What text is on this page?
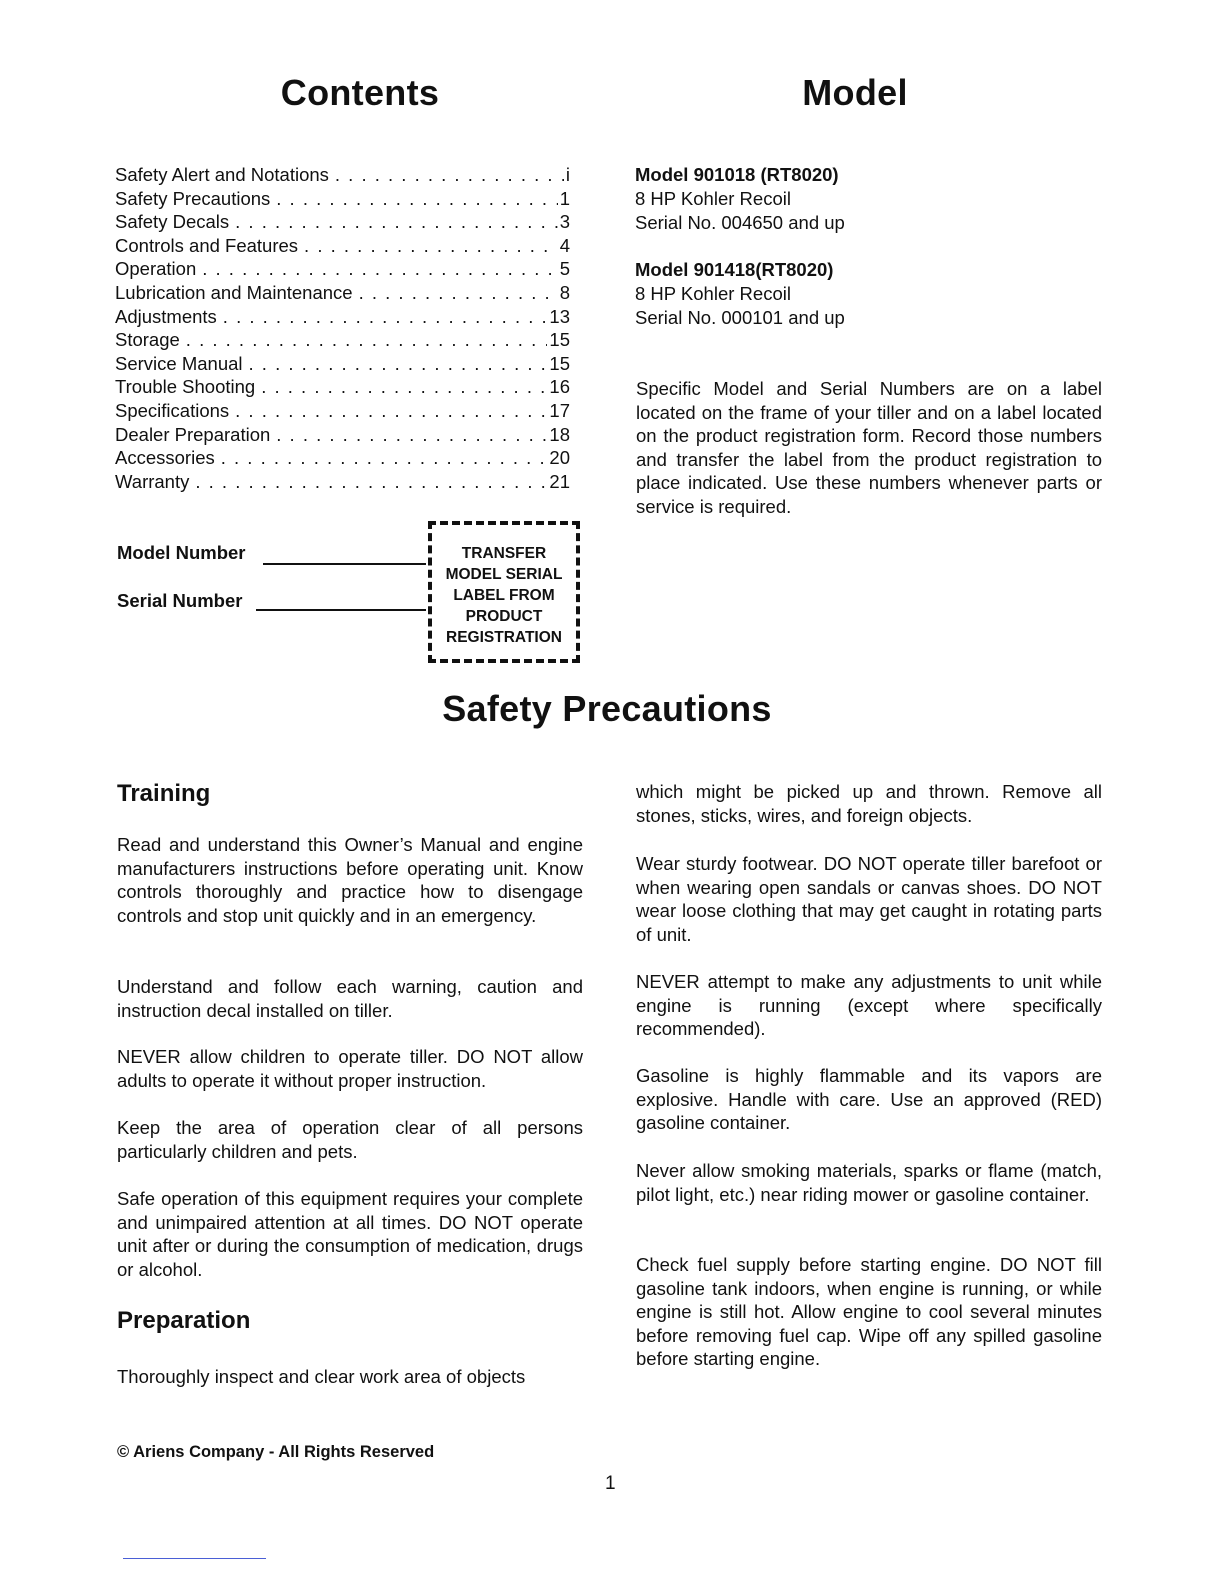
Contents	Model
Safety Alert and Notations . . .	i
Safety Precautions . . .	1
Safety Decals . . .	3
Controls and Features . . .	4
Operation . . .	5
Lubrication and Maintenance . . .	8
Adjustments . . .	13
Storage . . .	15
Service Manual . . .	15
Trouble Shooting . . .	16
Specifications . . .	17
Dealer Preparation . . .	18
Accessories . . .	20
Warranty . . .	21
Model 901018 (RT8020)
8 HP Kohler Recoil
Serial No. 004650 and up
Model 901418(RT8020)
8 HP Kohler Recoil
Serial No. 000101 and up
Specific Model and Serial Numbers are on a label located on the frame of your tiller and on a label located on the product registration form. Record those numbers and transfer the label from the product registration to place indicated. Use these numbers whenever parts or service is required.
Model Number
Serial Number
TRANSFER
MODEL SERIAL
LABEL FROM
PRODUCT
REGISTRATION
Safety Precautions
Training
Read and understand this Owner’s Manual and engine manufacturers instructions before operating unit. Know controls thoroughly and practice how to disengage controls and stop unit quickly and in an emergency.
Understand and follow each warning, caution and instruction decal installed on tiller.
NEVER allow children to operate tiller. DO NOT allow adults to operate it without proper instruction.
Keep the area of operation clear of all persons particularly children and pets.
Safe operation of this equipment requires your complete and unimpaired attention at all times. DO NOT operate unit after or during the consumption of medication, drugs or alcohol.
Preparation
Thoroughly inspect and clear work area of objects
which might be picked up and thrown. Remove all stones, sticks, wires, and foreign objects.
Wear sturdy footwear. DO NOT operate tiller barefoot or when wearing open sandals or canvas shoes. DO NOT wear loose clothing that may get caught in rotating parts of unit.
NEVER attempt to make any adjustments to unit while engine is running (except where specifically recommended).
Gasoline is highly flammable and its vapors are explosive. Handle with care. Use an approved (RED) gasoline container.
Never allow smoking materials, sparks or flame (match, pilot light, etc.) near riding mower or gasoline container.
Check fuel supply before starting engine. DO NOT fill gasoline tank indoors, when engine is running, or while engine is still hot. Allow engine to cool several minutes before removing fuel cap. Wipe off any spilled gasoline before starting engine.
© Ariens Company - All Rights Reserved
1
